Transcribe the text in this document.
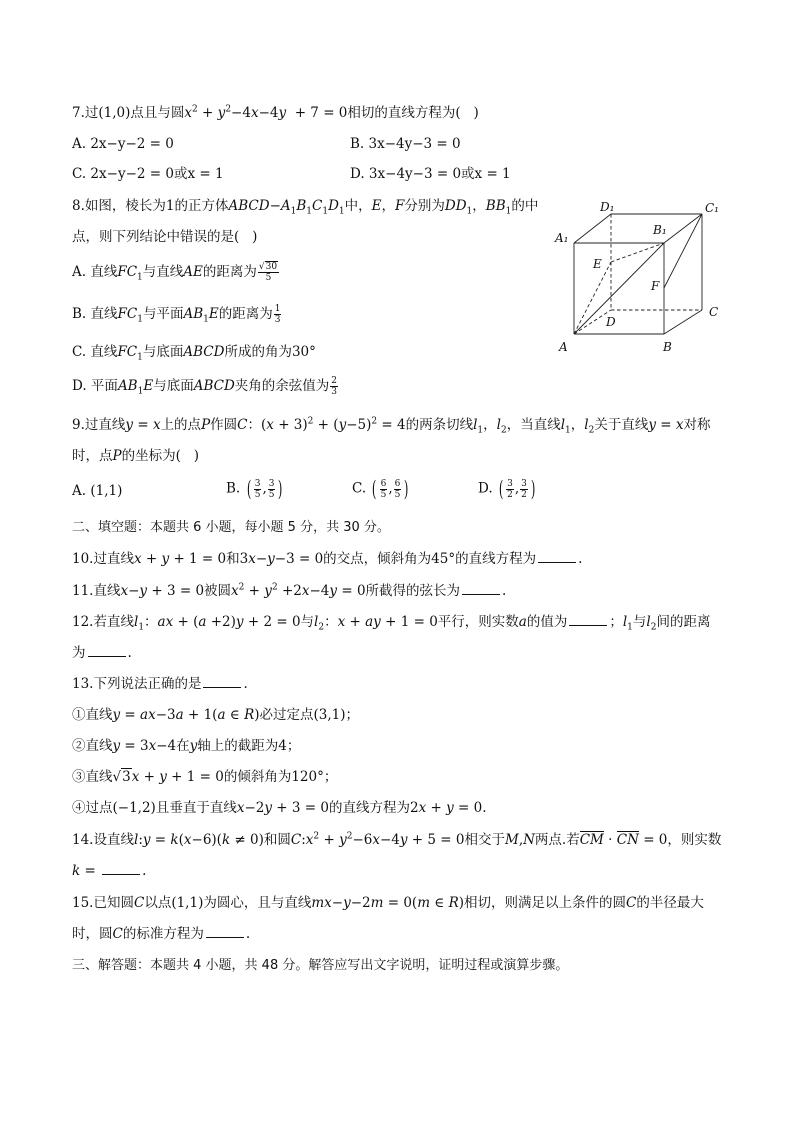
7.过(1,0)点且与圆$x^2 + y^2-4x-4y + 7 = 0$相切的直线方程为(   )
A. 2x−y−2 = 0	B. 3x−4y−3 = 0
C. 2x−y−2 = 0或x = 1	D. 3x−4y−3 = 0或x = 1
8.如图，棱长为1的正方体$ABCD-A_1B_1C_1D_1$中，E，F分别为$DD_1$，$BB_1$的中
点，则下列结论中错误的是(   )
A. 直线$FC_1$与直线AE的距离为 $\frac{√30}{5}$
B. 直线$FC_1$与平面$AB_1E$的距离为 $\frac{1}{3}$
C. 直线$FC_1$与底面ABCD所成的角为30°
D. 平面$AB_1E$与底面ABCD夹角的余弦值为 $\frac{2}{3}$
D₁	C₁
A₁
B₁
E
F
D
C
A	B
9.过直线y = x上的点P作圆C：$(x + 3)^2 + (y-5)^2 = 4$的两条切线$l_1$，$l_2$，当直线$l_1$，$l_2$关于直线y = x对称
时，点P的坐标为(   )
A. (1,1)	B. ( $\frac{3}{5}$ , $\frac{3}{5}$ )	C. ( $\frac{6}{5}$ , $\frac{6}{5}$ )	D. ( $\frac{3}{2}$ , $\frac{3}{2}$ )
二、填空题：本题共 6 小题，每小题 5 分，共 30 分。
10.过直线x + y + 1 = 0和3x−y−3 = 0的交点，倾斜角为45°的直线方程为	.
11.直线x−y + 3 = 0被圆$x^2 + y^2 +2x-4y = 0$所截得的弦长为	.
12.若直线$l_1$：ax + (a +2)y + 2 = 0与$l_2$：x + ay + 1 = 0平行，则实数a的值为	；$l_1$与$l_2$间的距离
为	.
13.下列说法正确的是	.
①直线y = ax−3a + 1(a ∈ R)必过定点(3,1)；
②直线y = 3x−4在y轴上的截距为4；
③直线√3x + y + 1 = 0的倾斜角为120°；
④过点(−1,2)且垂直于直线x−2y + 3 = 0的直线方程为2x + y = 0.
14.设直线l:y = k(x−6)(k ≠ 0)和圆$C:x^2 + y^2-6x-4y + 5 = 0$相交于M,N两点.若CM · CN = 0，则实数
k =	.
15.已知圆C以点(1,1)为圆心，且与直线mx−y−2m = 0(m ∈ R)相切，则满足以上条件的圆C的半径最大
时，圆C的标准方程为	.
三、解答题：本题共 4 小题，共 48 分。解答应写出文字说明，证明过程或演算步骤。
